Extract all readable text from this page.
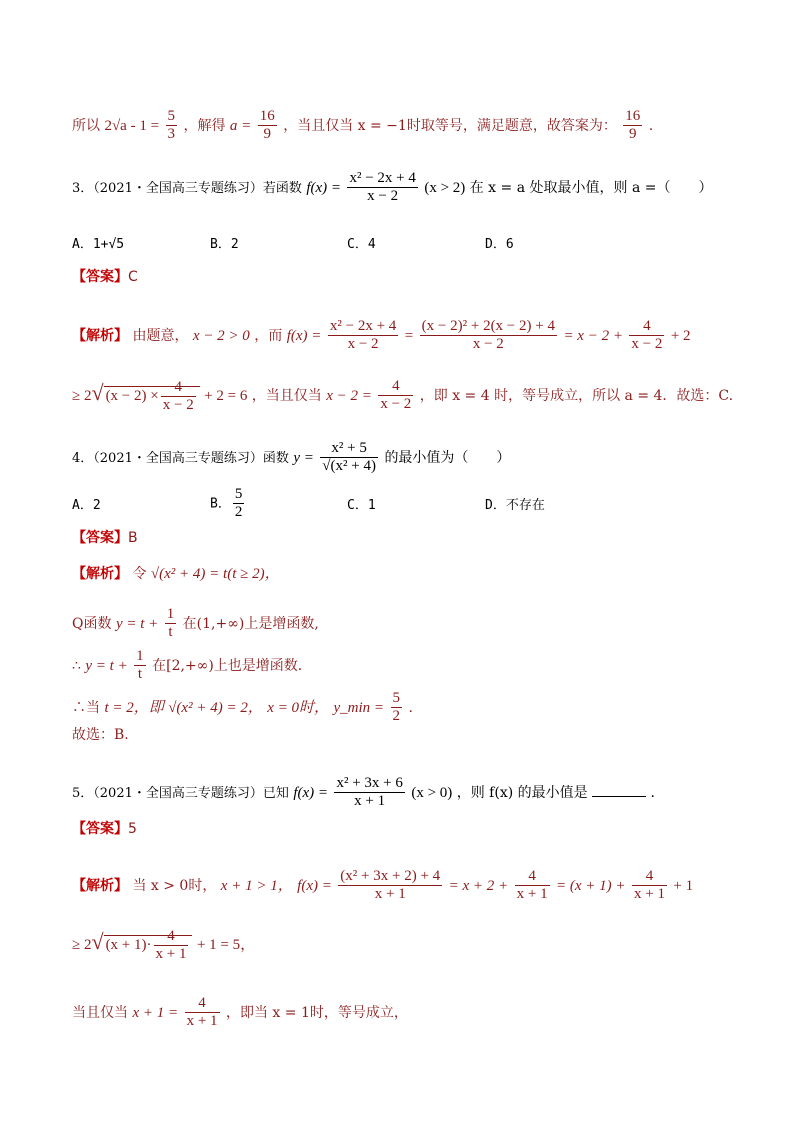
所以 $2√a - 1 = \frac{5}{3}$ ，解得 $a = \frac{16}{9}$ ，当且仅当 x = −1时取等号，满足题意，故答案为： $\frac{16}{9}$ .
3．（2021・全国高三专题练习）若函数 $f(x) = \frac{\text{x² − 2x + 4}}{x - 2} (x > 2)$ 在 x = a 处取最小值，则 a =（　　）
A．1+√5	B．2	C．4	D．6
【答案】C
【解析】 由题意， x − 2 > 0 ，而 $f(x) = \frac{\text{x² − 2x + 4}}{x - 2} = \frac{\text{(x − 2)² + 2(x − 2) + 4}}{x - 2} = x - 2 + \frac{4}{x - 2} + 2$
≥ 2√ $(x - 2) \times \frac{4}{x - 2} + 2 = 6$ ，当且仅当 $x - 2 = \frac{4}{x - 2}$ ，即 x = 4 时，等号成立，所以 a = 4．故选：C.
4．（2021・全国高三专题练习）函数 $y = \frac{\text{x² + 5}}{\text{√(x² + 4)}}$ 的最小值为（　　）
A．2	B． $\frac{5}{2}$	C．1	D．不存在
【答案】B
【解析】 令 √(x² + 4) = t(t ≥ 2)，
Q函数 $y = t + \frac{1}{t}$ 在(1,+∞)上是增函数,
∴ $y = t + \frac{1}{t}$ 在[2,+∞)上也是增函数．
∴当 t = 2，即 √(x² + 4) = 2， x = 0时， y_min = $\frac{5}{2}$ .
故选：B.
5．（2021・全国高三专题练习）已知 $f(x) = \frac{\text{x² + 3x + 6}}{x + 1} (x > 0)$ ，则 f(x) 的最小值是	.
【答案】5
【解析】 当 x > 0时， x + 1 > 1， $f(x) = \frac{\text{(x² + 3x + 2) + 4}}{x + 1} = x + 2 + \frac{4}{x + 1} = (x + 1) + \frac{4}{x + 1} + 1$
≥ 2√ $(x + 1)\cdot \frac{4}{x + 1} + 1 = 5$，
当且仅当 $x + 1 = \frac{4}{x + 1}$ ，即当 x = 1时，等号成立，
